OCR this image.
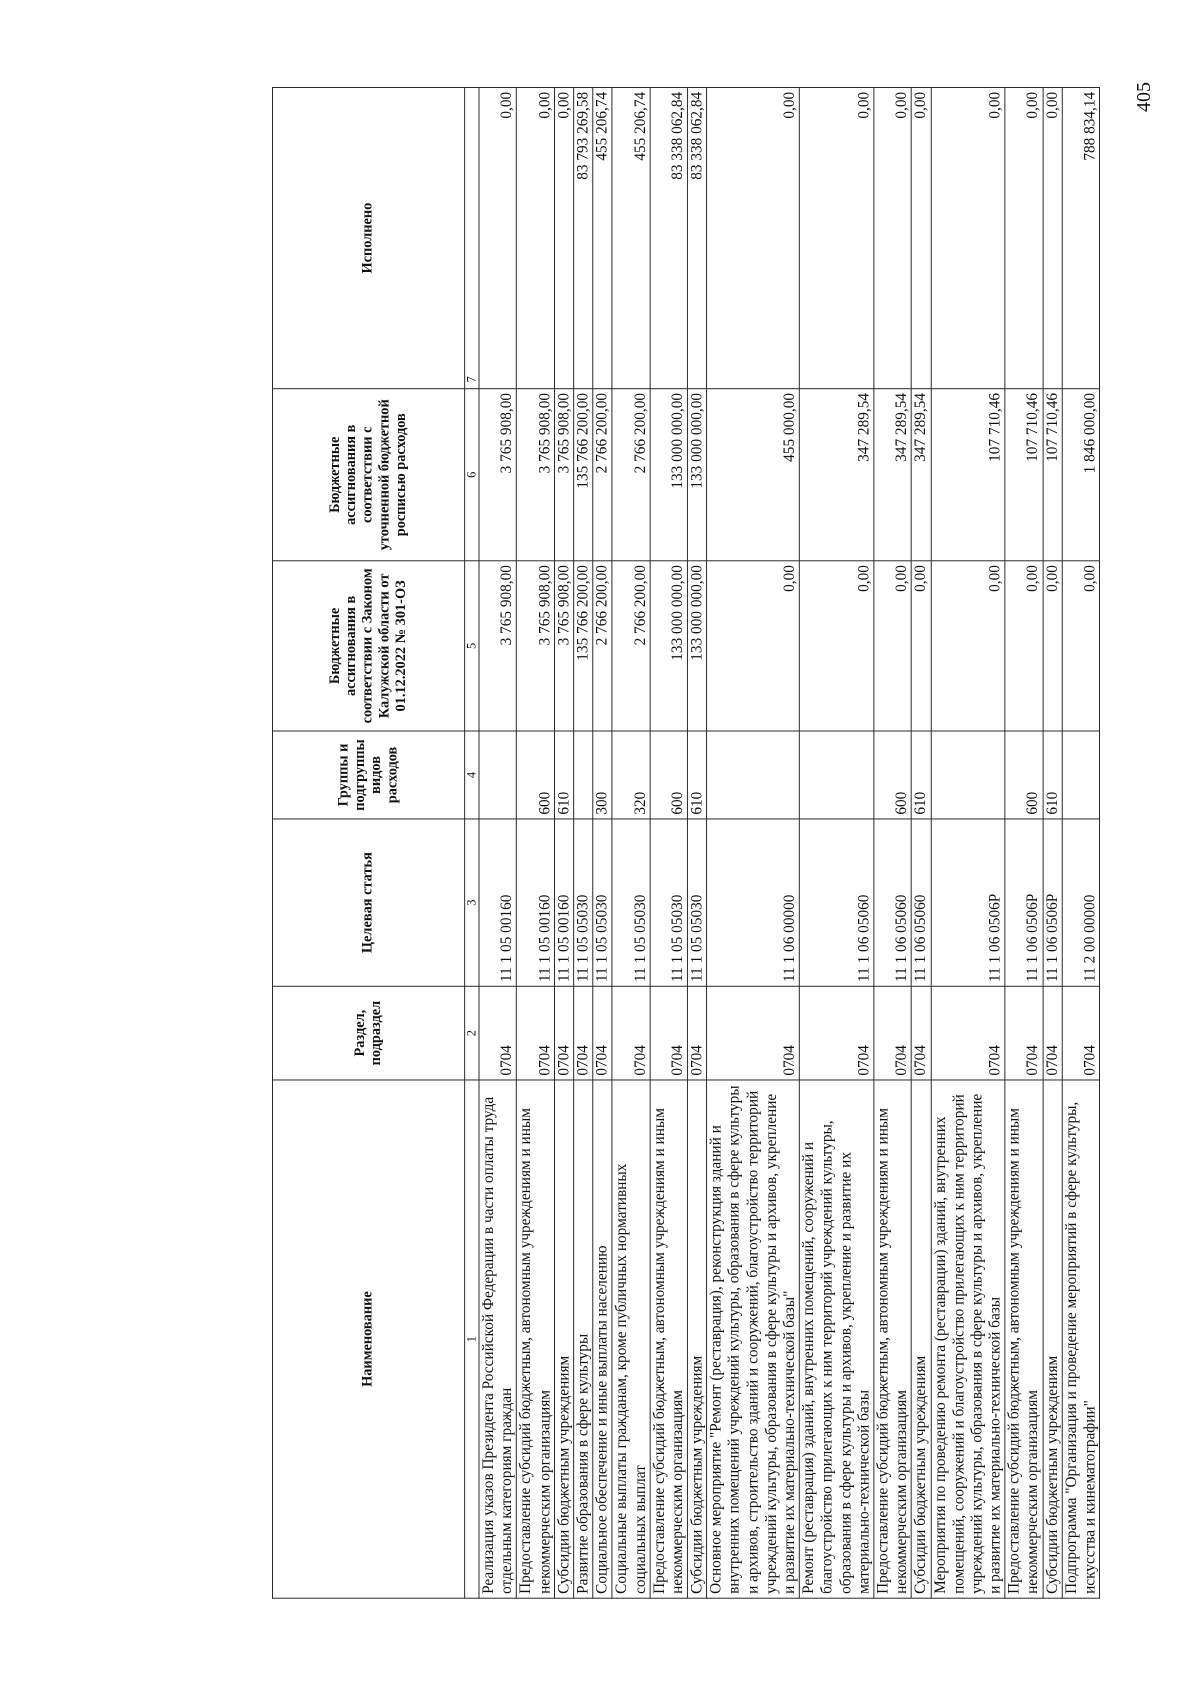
405
Наименование	Раздел, подраздел	Целевая статья	Группы и подгруппы видов расходов	Бюджетные ассигнования в соответствии с Законом Калужской области от 01.12.2022 № 301-ОЗ	Бюджетные ассигнования в соответствии с уточненной бюджетной росписью расходов	Исполнено
1	2	3	4	5	6	7
Реализация указов Президента Российской Федерации в части оплаты труда отдельным категориям граждан	0704	11 1 05 00160		3 765 908,00	3 765 908,00	0,00
Предоставление субсидий бюджетным, автономным учреждениям и иным некоммерческим организациям	0704	11 1 05 00160	600	3 765 908,00	3 765 908,00	0,00
Субсидии бюджетным учреждениям	0704	11 1 05 00160	610	3 765 908,00	3 765 908,00	0,00
Развитие образования в сфере культуры	0704	11 1 05 05030		135 766 200,00	135 766 200,00	83 793 269,58
Социальное обеспечение и иные выплаты населению	0704	11 1 05 05030	300	2 766 200,00	2 766 200,00	455 206,74
Социальные выплаты гражданам, кроме публичных нормативных социальных выплат	0704	11 1 05 05030	320	2 766 200,00	2 766 200,00	455 206,74
Предоставление субсидий бюджетным, автономным учреждениям и иным некоммерческим организациям	0704	11 1 05 05030	600	133 000 000,00	133 000 000,00	83 338 062,84
Субсидии бюджетным учреждениям	0704	11 1 05 05030	610	133 000 000,00	133 000 000,00	83 338 062,84
Основное мероприятие "Ремонт (реставрация), реконструкция зданий и внутренних помещений учреждений культуры, образования в сфере культуры и архивов, строительство зданий и сооружений, благоустройство территорий учреждений культуры, образования в сфере культуры и архивов, укрепление и развитие их материально-технической базы"	0704	11 1 06 00000		0,00	455 000,00	0,00
Ремонт (реставрация) зданий, внутренних помещений, сооружений и благоустройство прилегающих к ним территорий учреждений культуры, образования в сфере культуры и архивов, укрепление и развитие их материально-технической базы	0704	11 1 06 05060		0,00	347 289,54	0,00
Предоставление субсидий бюджетным, автономным учреждениям и иным некоммерческим организациям	0704	11 1 06 05060	600	0,00	347 289,54	0,00
Субсидии бюджетным учреждениям	0704	11 1 06 05060	610	0,00	347 289,54	0,00
Мероприятия по проведению ремонта (реставрации) зданий, внутренних помещений, сооружений и благоустройство прилегающих к ним территорий учреждений культуры, образования в сфере культуры и архивов, укрепление и развитие их материально-технической базы	0704	11 1 06 0506Р		0,00	107 710,46	0,00
Предоставление субсидий бюджетным, автономным учреждениям и иным некоммерческим организациям	0704	11 1 06 0506Р	600	0,00	107 710,46	0,00
Субсидии бюджетным учреждениям	0704	11 1 06 0506Р	610	0,00	107 710,46	0,00
Подпрограмма "Организация и проведение мероприятий в сфере культуры, искусства и кинематографии"	0704	11 2 00 00000		0,00	1 846 000,00	788 834,14
